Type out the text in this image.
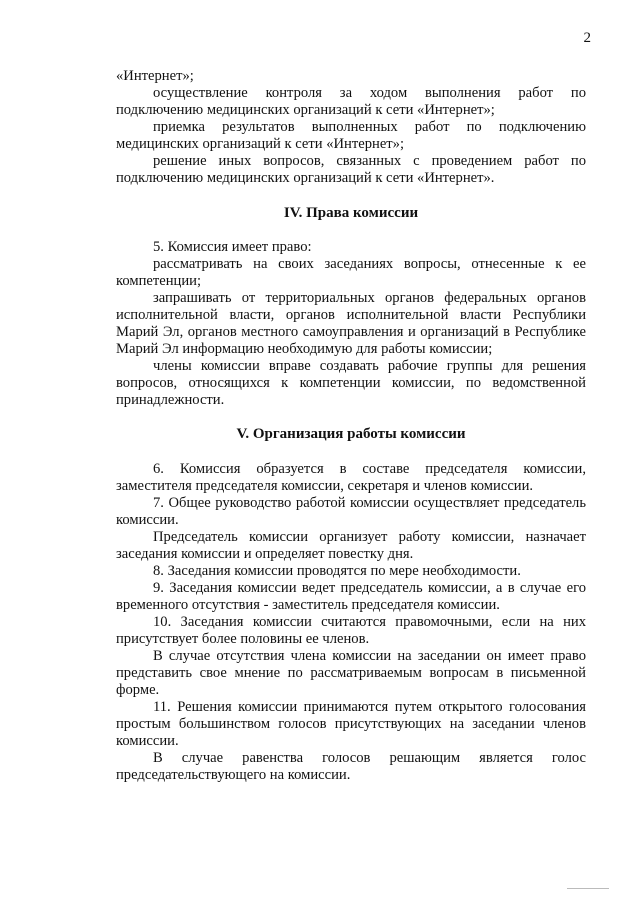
2

«Интернет»;

осуществление контроля за ходом выполнения работ по подключению медицинских организаций к сети «Интернет»;

приемка результатов выполненных работ по подключению медицинских организаций к сети «Интернет»;

решение иных вопросов, связанных с проведением работ по подключению медицинских организаций к сети «Интернет».

IV. Права комиссии

5. Комиссия имеет право:

рассматривать на своих заседаниях вопросы, отнесенные к ее компетенции;

запрашивать от территориальных органов федеральных органов исполнительной власти, органов исполнительной власти Республики Марий Эл, органов местного самоуправления и организаций в Республике Марий Эл информацию необходимую для работы комиссии;

члены комиссии вправе создавать рабочие группы для решения вопросов, относящихся к компетенции комиссии, по ведомственной принадлежности.

V. Организация работы комиссии

6. Комиссия образуется в составе председателя комиссии, заместителя председателя комиссии, секретаря и членов комиссии.

7. Общее руководство работой комиссии осуществляет председатель комиссии.

Председатель комиссии организует работу комиссии, назначает заседания комиссии и определяет повестку дня.

8. Заседания комиссии проводятся по мере необходимости.

9. Заседания комиссии ведет председатель комиссии, а в случае его временного отсутствия - заместитель председателя комиссии.

10. Заседания комиссии считаются правомочными, если на них присутствует более половины ее членов.

В случае отсутствия члена комиссии на заседании он имеет право представить свое мнение по рассматриваемым вопросам в письменной форме.

11. Решения комиссии принимаются путем открытого голосования простым большинством голосов присутствующих на заседании членов комиссии.

В случае равенства голосов решающим является голос председательствующего на комиссии.
